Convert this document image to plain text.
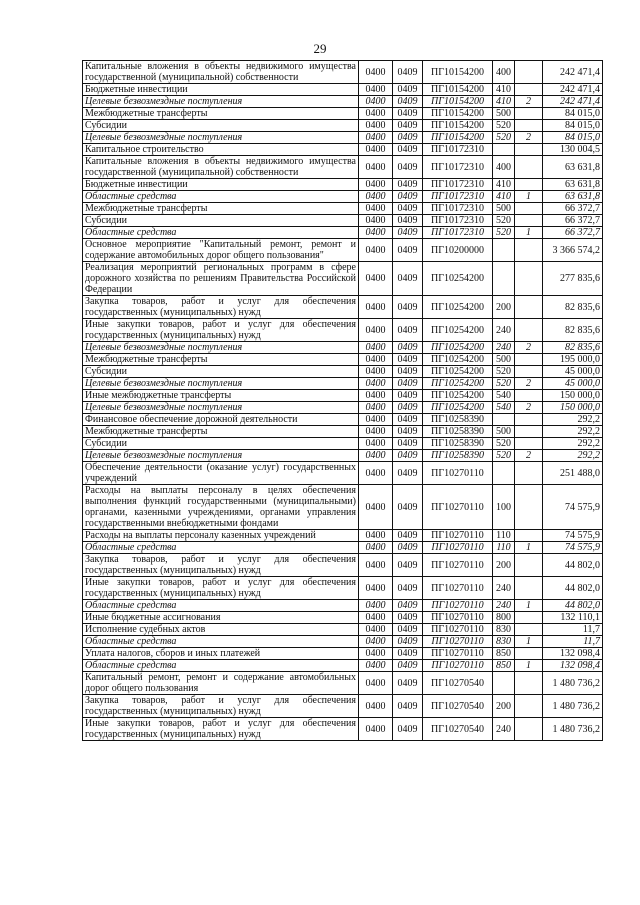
29
Капитальные вложения в объекты недвижимого имущества государственной (муниципальной) собственности	0400	0409	ПГ10154200	400		242 471,4
Бюджетные инвестиции	0400	0409	ПГ10154200	410		242 471,4
Целевые безвозмездные поступления	0400	0409	ПГ10154200	410	2	242 471,4
Межбюджетные трансферты	0400	0409	ПГ10154200	500		84 015,0
Субсидии	0400	0409	ПГ10154200	520		84 015,0
Целевые безвозмездные поступления	0400	0409	ПГ10154200	520	2	84 015,0
Капитальное строительство	0400	0409	ПГ10172310			130 004,5
Капитальные вложения в объекты недвижимого имущества государственной (муниципальной) собственности	0400	0409	ПГ10172310	400		63 631,8
Бюджетные инвестиции	0400	0409	ПГ10172310	410		63 631,8
Областные средства	0400	0409	ПГ10172310	410	1	63 631,8
Межбюджетные трансферты	0400	0409	ПГ10172310	500		66 372,7
Субсидии	0400	0409	ПГ10172310	520		66 372,7
Областные средства	0400	0409	ПГ10172310	520	1	66 372,7
Основное мероприятие "Капитальный ремонт, ремонт и содержание автомобильных дорог общего пользования"	0400	0409	ПГ10200000			3 366 574,2
Реализация мероприятий региональных программ в сфере дорожного хозяйства по решениям Правительства Российской Федерации	0400	0409	ПГ10254200			277 835,6
Закупка товаров, работ и услуг для обеспечения государственных (муниципальных) нужд	0400	0409	ПГ10254200	200		82 835,6
Иные закупки товаров, работ и услуг для обеспечения государственных (муниципальных) нужд	0400	0409	ПГ10254200	240		82 835,6
Целевые безвозмездные поступления	0400	0409	ПГ10254200	240	2	82 835,6
Межбюджетные трансферты	0400	0409	ПГ10254200	500		195 000,0
Субсидии	0400	0409	ПГ10254200	520		45 000,0
Целевые безвозмездные поступления	0400	0409	ПГ10254200	520	2	45 000,0
Иные межбюджетные трансферты	0400	0409	ПГ10254200	540		150 000,0
Целевые безвозмездные поступления	0400	0409	ПГ10254200	540	2	150 000,0
Финансовое обеспечение дорожной деятельности	0400	0409	ПГ10258390			292,2
Межбюджетные трансферты	0400	0409	ПГ10258390	500		292,2
Субсидии	0400	0409	ПГ10258390	520		292,2
Целевые безвозмездные поступления	0400	0409	ПГ10258390	520	2	292,2
Обеспечение деятельности (оказание услуг) государственных учреждений	0400	0409	ПГ10270110			251 488,0
Расходы на выплаты персоналу в целях обеспечения выполнения функций государственными (муниципальными) органами, казенными учреждениями, органами управления государственными внебюджетными фондами	0400	0409	ПГ10270110	100		74 575,9
Расходы на выплаты персоналу казенных учреждений	0400	0409	ПГ10270110	110		74 575,9
Областные средства	0400	0409	ПГ10270110	110	1	74 575,9
Закупка товаров, работ и услуг для обеспечения государственных (муниципальных) нужд	0400	0409	ПГ10270110	200		44 802,0
Иные закупки товаров, работ и услуг для обеспечения государственных (муниципальных) нужд	0400	0409	ПГ10270110	240		44 802,0
Областные средства	0400	0409	ПГ10270110	240	1	44 802,0
Иные бюджетные ассигнования	0400	0409	ПГ10270110	800		132 110,1
Исполнение судебных актов	0400	0409	ПГ10270110	830		11,7
Областные средства	0400	0409	ПГ10270110	830	1	11,7
Уплата налогов, сборов и иных платежей	0400	0409	ПГ10270110	850		132 098,4
Областные средства	0400	0409	ПГ10270110	850	1	132 098,4
Капитальный ремонт, ремонт и содержание автомобильных дорог общего пользования	0400	0409	ПГ10270540			1 480 736,2
Закупка товаров, работ и услуг для обеспечения государственных (муниципальных) нужд	0400	0409	ПГ10270540	200		1 480 736,2
Иные закупки товаров, работ и услуг для обеспечения государственных (муниципальных) нужд	0400	0409	ПГ10270540	240		1 480 736,2
